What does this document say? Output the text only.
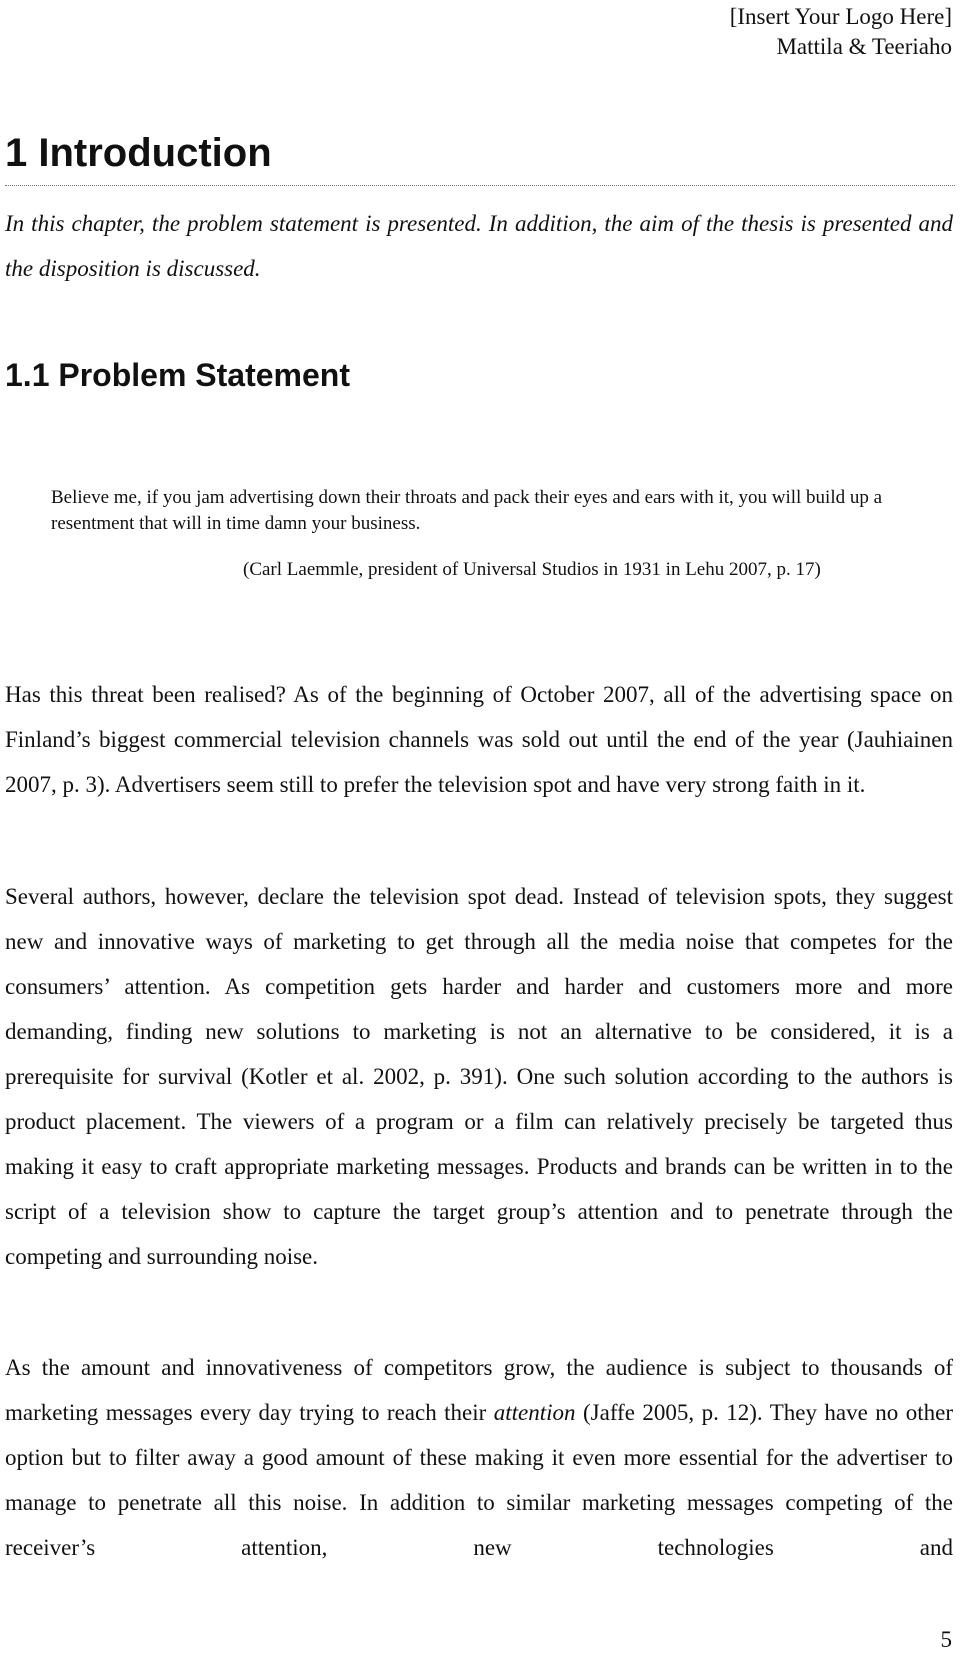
[Insert Your Logo Here]
Mattila & Teeriaho
1 Introduction

In this chapter, the problem statement is presented. In addition, the aim of the thesis is presented and the disposition is discussed.

1.1 Problem Statement

Believe me, if you jam advertising down their throats and pack their eyes and ears with it, you will build up a resentment that will in time damn your business.

(Carl Laemmle, president of Universal Studios in 1931 in Lehu 2007, p. 17)

Has this threat been realised? As of the beginning of October 2007, all of the advertising space on Finland’s biggest commercial television channels was sold out until the end of the year (Jauhiainen 2007, p. 3). Advertisers seem still to prefer the television spot and have very strong faith in it.

Several authors, however, declare the television spot dead. Instead of television spots, they suggest new and innovative ways of marketing to get through all the media noise that competes for the consumers’ attention. As competition gets harder and harder and customers more and more demanding, finding new solutions to marketing is not an alternative to be considered, it is a prerequisite for survival (Kotler et al. 2002, p. 391). One such solution according to the authors is product placement. The viewers of a program or a film can relatively precisely be targeted thus making it easy to craft appropriate marketing messages. Products and brands can be written in to the script of a television show to capture the target group’s attention and to penetrate through the competing and surrounding noise.

As the amount and innovativeness of competitors grow, the audience is subject to thousands of marketing messages every day trying to reach their attention (Jaffe 2005, p. 12). They have no other option but to filter away a good amount of these making it even more essential for the advertiser to manage to penetrate all this noise. In addition to similar marketing messages competing of the receiver’s attention, new technologies and

5
